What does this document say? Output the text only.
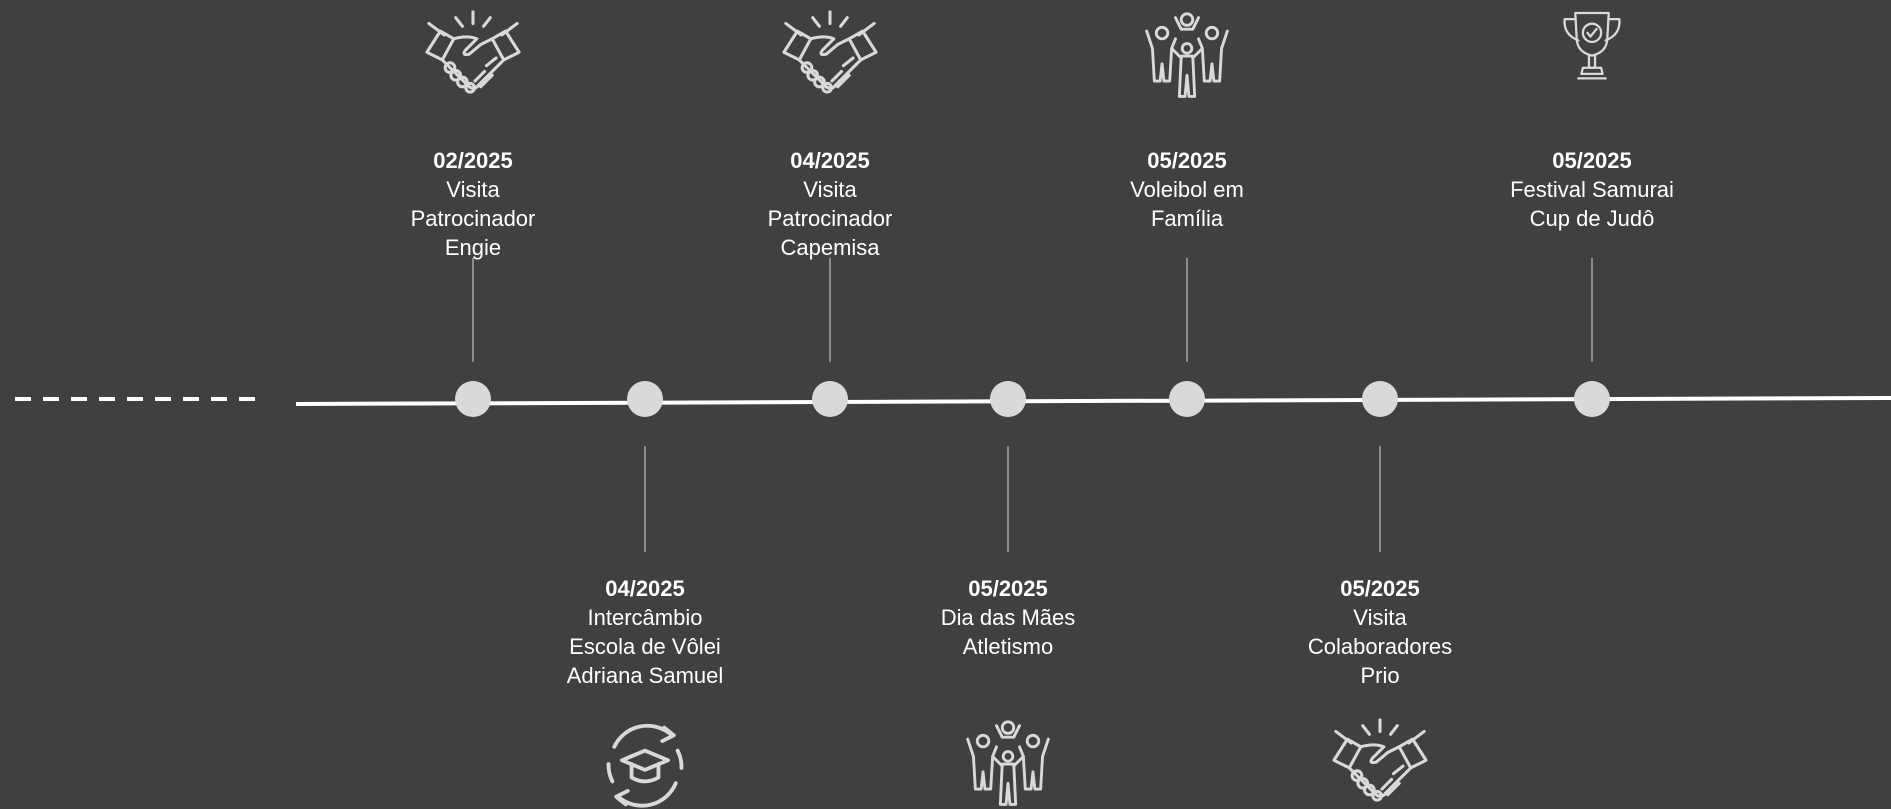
02/2025
Visita
Patrocinador
Engie
04/2025
Intercâmbio
Escola de Vôlei
Adriana Samuel
04/2025
Visita
Patrocinador
Capemisa
05/2025
Dia das Mães
Atletismo
05/2025
Voleibol em
Família
05/2025
Visita
Colaboradores
Prio
05/2025
Festival Samurai
Cup de Judô
